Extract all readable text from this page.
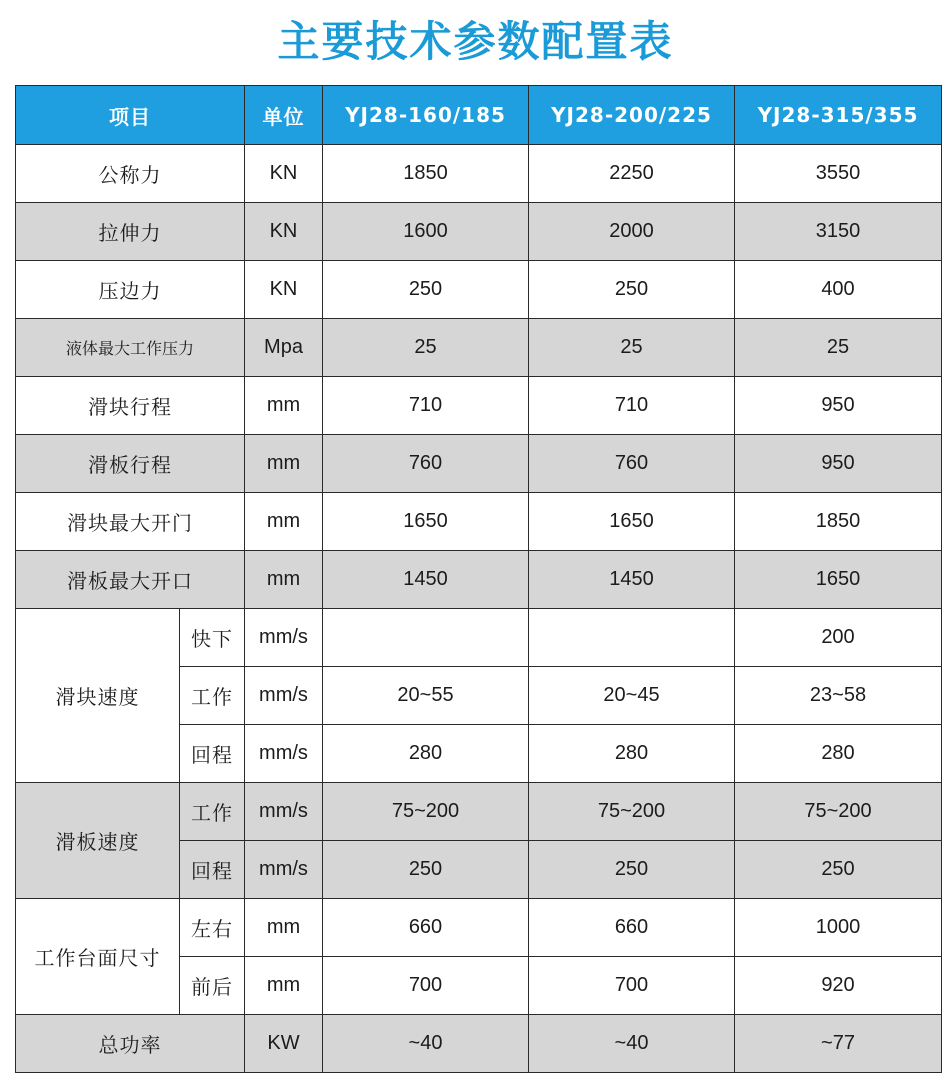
主要技术参数配置表
项目		单位	YJ28-160/185	YJ28-200/225	YJ28-315/355
公称力		KN	1850	2250	3550
拉伸力		KN	1600	2000	3150
压边力		KN	250	250	400
液体最大工作压力		Mpa	25	25	25
滑块行程		mm	710	710	950
滑板行程		mm	760	760	950
滑块最大开门		mm	1650	1650	1850
滑板最大开口		mm	1450	1450	1650
滑块速度	快下	mm/s			200
	工作	mm/s	20~55	20~45	23~58
	回程	mm/s	280	280	280
滑板速度	工作	mm/s	75~200	75~200	75~200
	回程	mm/s	250	250	250
工作台面尺寸	左右	mm	660	660	1000
	前后	mm	700	700	920
总功率		KW	~40	~40	~77
